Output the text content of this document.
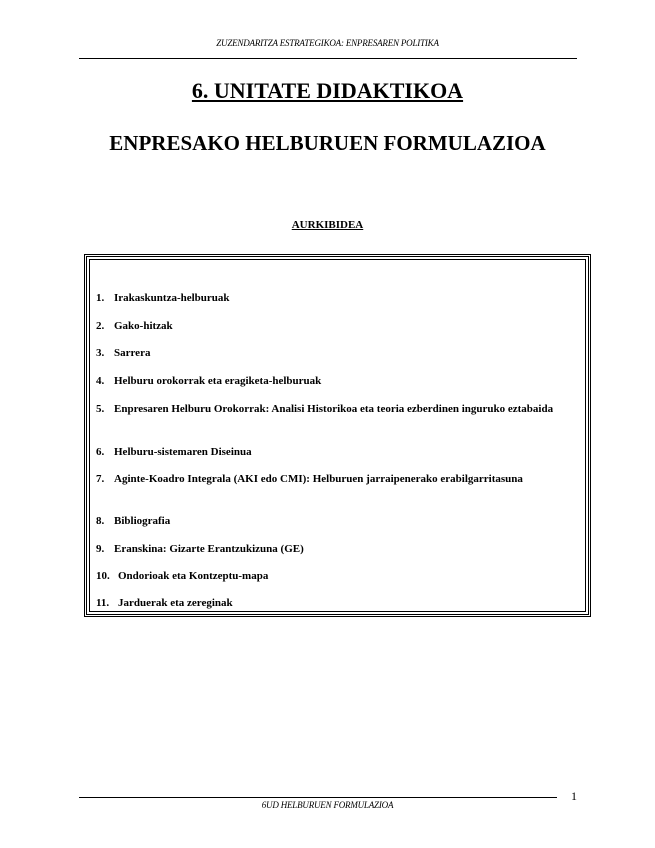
ZUZENDARITZA ESTRATEGIKOA: ENPRESAREN POLITIKA
6. UNITATE DIDAKTIKOA
ENPRESAKO HELBURUEN FORMULAZIOA
AURKIBIDEA
1. Irakaskuntza-helburuak
2. Gako-hitzak
3. Sarrera
4. Helburu orokorrak eta eragiketa-helburuak
5. Enpresaren Helburu Orokorrak: Analisi Historikoa eta teoria ezberdinen inguruko eztabaida
6. Helburu-sistemaren Diseinua
7. Aginte-Koadro Integrala (AKI edo CMI): Helburuen jarraipenerako erabilgarritasuna
8. Bibliografia
9. Eranskina: Gizarte Erantzukizuna (GE)
10. Ondorioak eta Kontzeptu-mapa
11. Jarduerak eta zereginak
1
6UD HELBURUEN FORMULAZIOA
